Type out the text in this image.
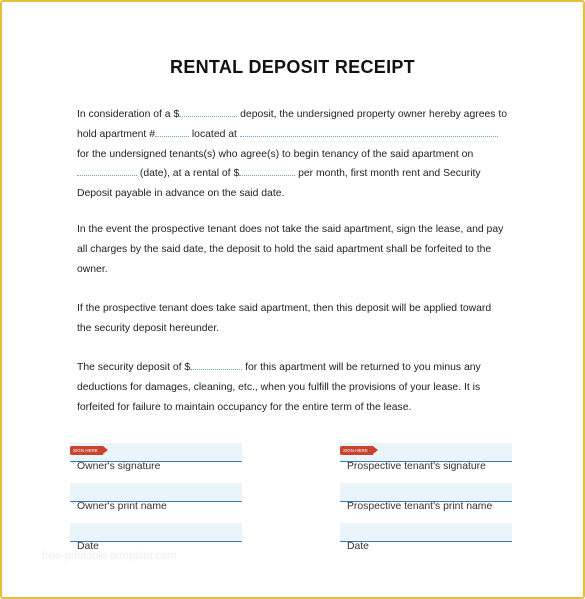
RENTAL DEPOSIT RECEIPT
In consideration of a $	deposit, the undersigned property owner hereby agrees to
hold apartment #	located at
for the undersigned tenants(s) who agree(s) to begin tenancy of the said apartment on
(date), at a rental of $	per month, first month rent and Security
Deposit payable in advance on the said date.
In the event the prospective tenant does not take the said apartment, sign the lease, and pay
all charges by the said date, the deposit to hold the said apartment shall be forfeited to the
owner.
If the prospective tenant does take said apartment, then this deposit will be applied toward
the security deposit hereunder.
The security deposit of $	for this apartment will be returned to you minus any
deductions for damages, cleaning, etc., when you fulfill the provisions of your lease. It is
forfeited for failure to maintain occupancy for the entire term of the lease.
SIGN HERE
Owner's signature
Owner's print name
Date
SIGN HERE
Prospective tenant's signature
Prospective tenant's print name
Date
free-printable-template.com
